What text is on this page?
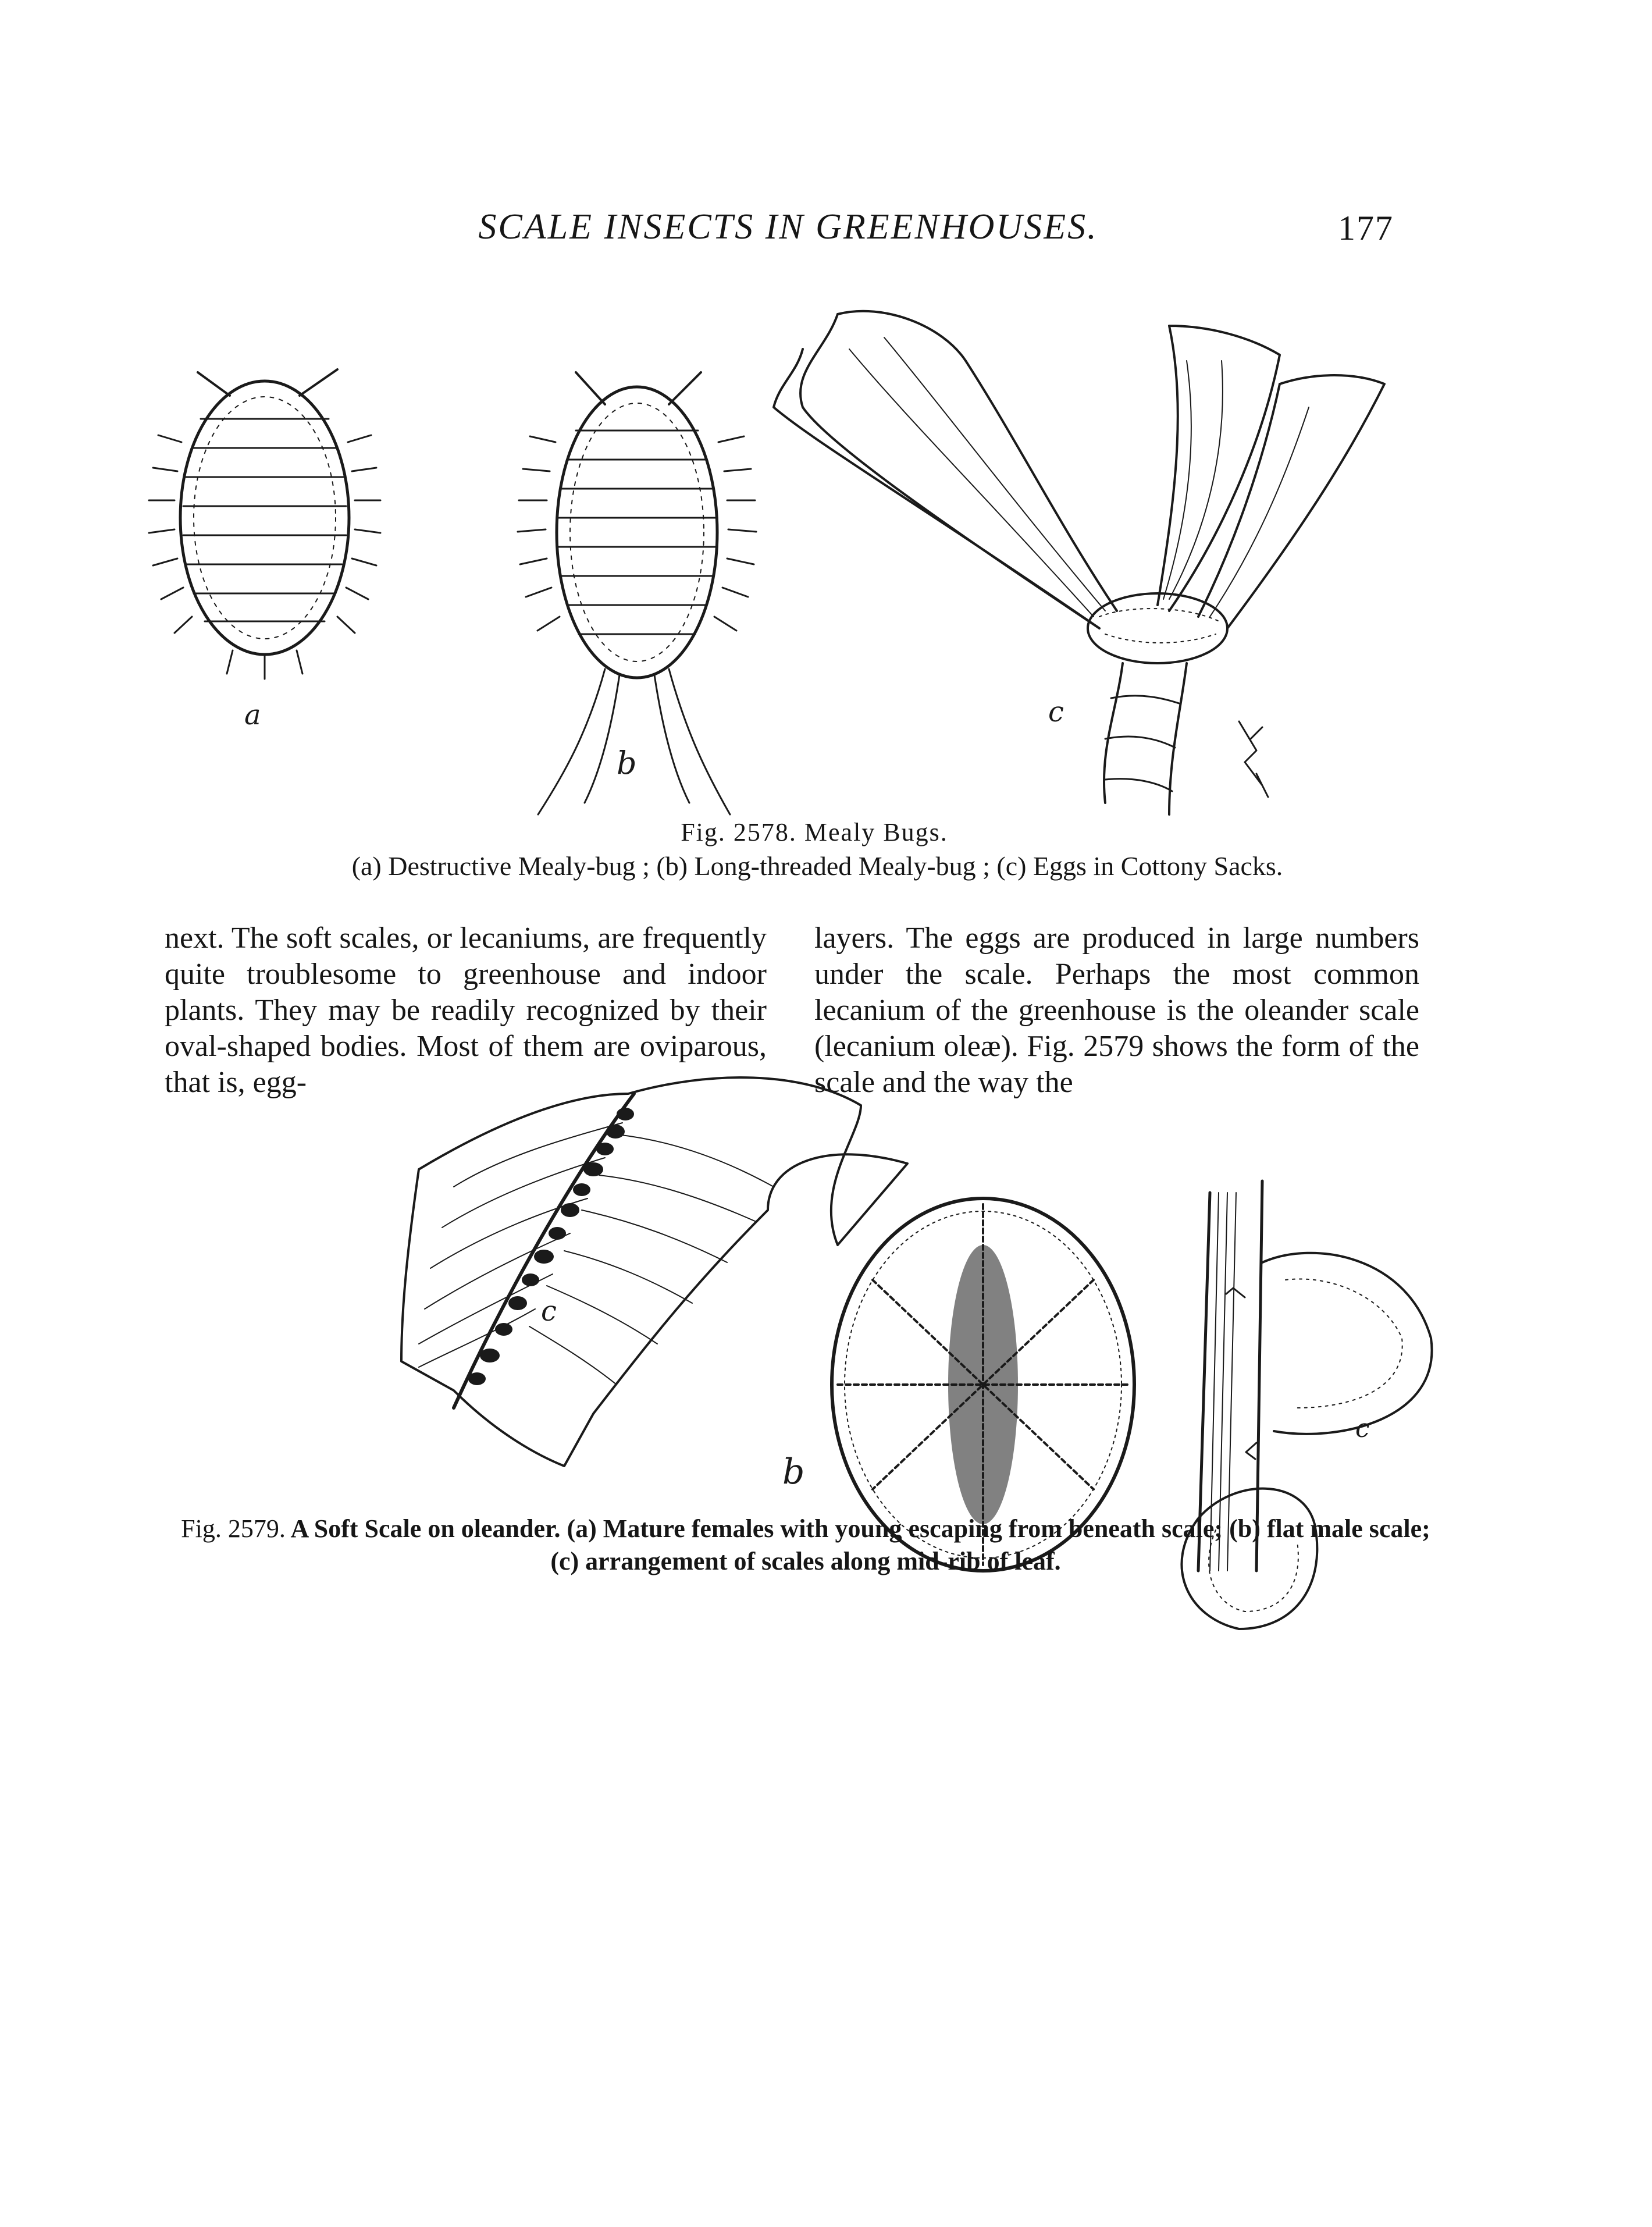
SCALE INSECTS IN GREENHOUSES.	177
a
b
c
Fig. 2578. Mealy Bugs.
(a) Destructive Mealy-bug ; (b) Long-threaded Mealy-bug ; (c) Eggs in Cottony Sacks.
next. The soft scales, or lecaniums, are frequently quite troublesome to greenhouse and indoor plants. They may be readily recognized by their oval-shaped bodies. Most of them are oviparous, that is, egg-
layers. The eggs are produced in large numbers under the scale. Perhaps the most common lecanium of the greenhouse is the oleander scale (lecanium oleæ). Fig. 2579 shows the form of the scale and the way the
c
b
c
Fig. 2579. A Soft Scale on oleander. (a) Mature females with young escaping from beneath scale; (b) flat male scale; (c) arrangement of scales along mid-rib of leaf.
